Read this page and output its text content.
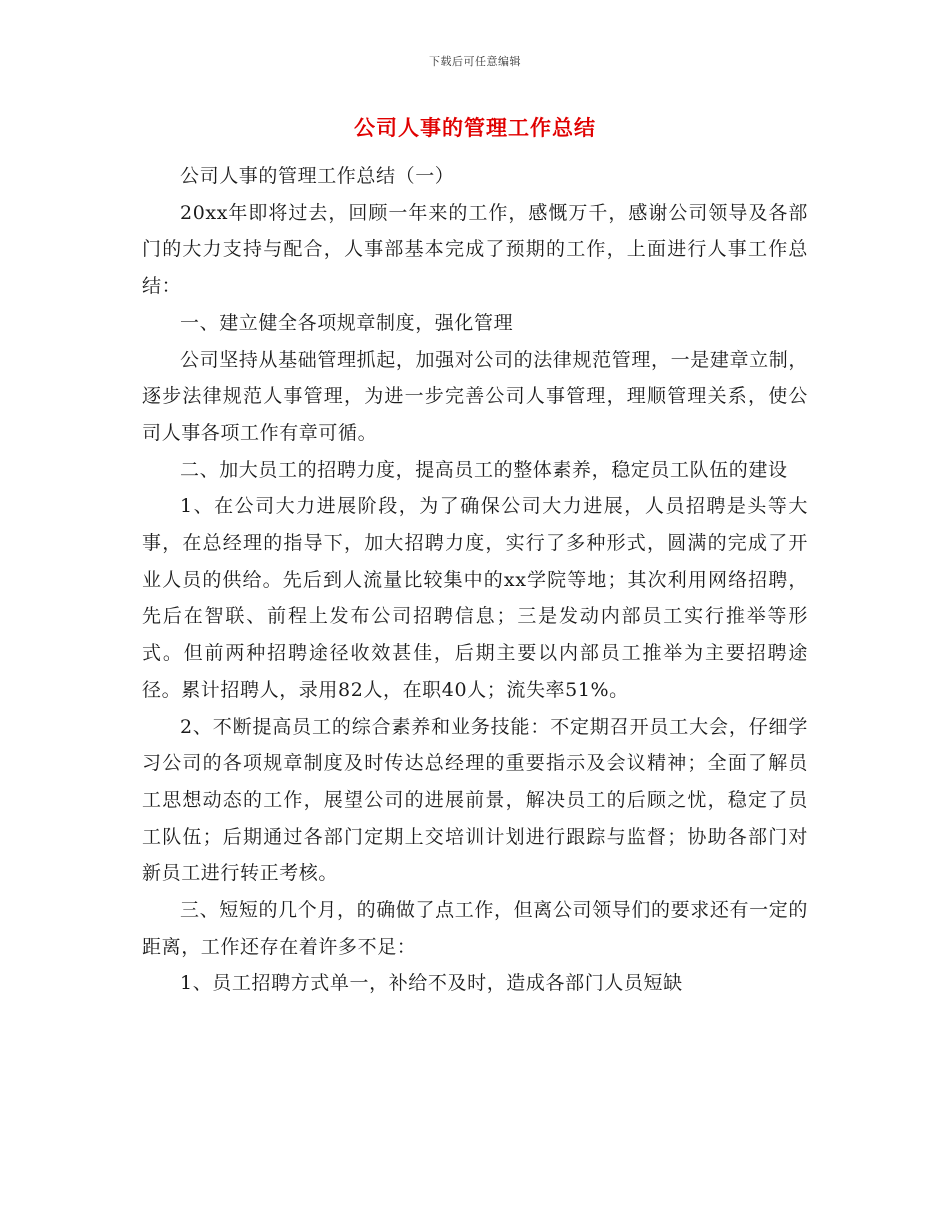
下载后可任意编辑
公司人事的管理工作总结

公司人事的管理工作总结（一）

20xx年即将过去，回顾一年来的工作，感慨万千，感谢公司领导及各部门的大力支持与配合，人事部基本完成了预期的工作，上面进行人事工作总结：

一、建立健全各项规章制度，强化管理

公司坚持从基础管理抓起，加强对公司的法律规范管理，一是建章立制，逐步法律规范人事管理，为进一步完善公司人事管理，理顺管理关系，使公司人事各项工作有章可循。

二、加大员工的招聘力度，提高员工的整体素养，稳定员工队伍的建设

1、在公司大力进展阶段，为了确保公司大力进展，人员招聘是头等大事，在总经理的指导下，加大招聘力度，实行了多种形式，圆满的完成了开业人员的供给。先后到人流量比较集中的xx学院等地；其次利用网络招聘，先后在智联、前程上发布公司招聘信息；三是发动内部员工实行推举等形式。但前两种招聘途径收效甚佳，后期主要以内部员工推举为主要招聘途径。累计招聘人，录用82人，在职40人；流失率51%。

2、不断提高员工的综合素养和业务技能：不定期召开员工大会，仔细学习公司的各项规章制度及时传达总经理的重要指示及会议精神；全面了解员工思想动态的工作，展望公司的进展前景，解决员工的后顾之忧，稳定了员工队伍；后期通过各部门定期上交培训计划进行跟踪与监督；协助各部门对新员工进行转正考核。

三、短短的几个月，的确做了点工作，但离公司领导们的要求还有一定的距离，工作还存在着许多不足：

1、员工招聘方式单一，补给不及时，造成各部门人员短缺
